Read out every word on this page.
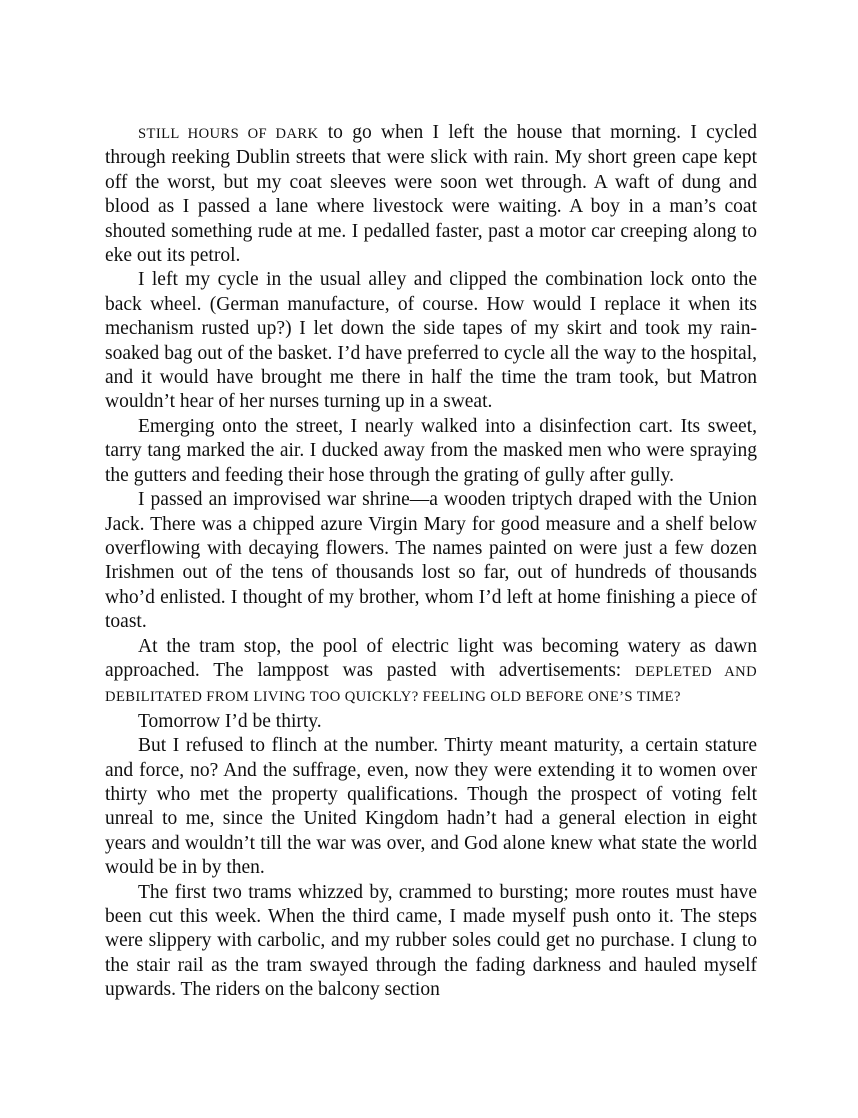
STILL HOURS OF DARK to go when I left the house that morning. I cycled through reeking Dublin streets that were slick with rain. My short green cape kept off the worst, but my coat sleeves were soon wet through. A waft of dung and blood as I passed a lane where livestock were waiting. A boy in a man’s coat shouted something rude at me. I pedalled faster, past a motor car creeping along to eke out its petrol.

I left my cycle in the usual alley and clipped the combination lock onto the back wheel. (German manufacture, of course. How would I replace it when its mechanism rusted up?) I let down the side tapes of my skirt and took my rain-soaked bag out of the basket. I’d have preferred to cycle all the way to the hospital, and it would have brought me there in half the time the tram took, but Matron wouldn’t hear of her nurses turning up in a sweat.

Emerging onto the street, I nearly walked into a disinfection cart. Its sweet, tarry tang marked the air. I ducked away from the masked men who were spraying the gutters and feeding their hose through the grating of gully after gully.

I passed an improvised war shrine—a wooden triptych draped with the Union Jack. There was a chipped azure Virgin Mary for good measure and a shelf below overflowing with decaying flowers. The names painted on were just a few dozen Irishmen out of the tens of thousands lost so far, out of hundreds of thousands who’d enlisted. I thought of my brother, whom I’d left at home finishing a piece of toast.

At the tram stop, the pool of electric light was becoming watery as dawn approached. The lamppost was pasted with advertisements: DEPLETED AND DEBILITATED FROM LIVING TOO QUICKLY? FEELING OLD BEFORE ONE’S TIME?

Tomorrow I’d be thirty.

But I refused to flinch at the number. Thirty meant maturity, a certain stature and force, no? And the suffrage, even, now they were extending it to women over thirty who met the property qualifications. Though the prospect of voting felt unreal to me, since the United Kingdom hadn’t had a general election in eight years and wouldn’t till the war was over, and God alone knew what state the world would be in by then.

The first two trams whizzed by, crammed to bursting; more routes must have been cut this week. When the third came, I made myself push onto it. The steps were slippery with carbolic, and my rubber soles could get no purchase. I clung to the stair rail as the tram swayed through the fading darkness and hauled myself upwards. The riders on the balcony section
